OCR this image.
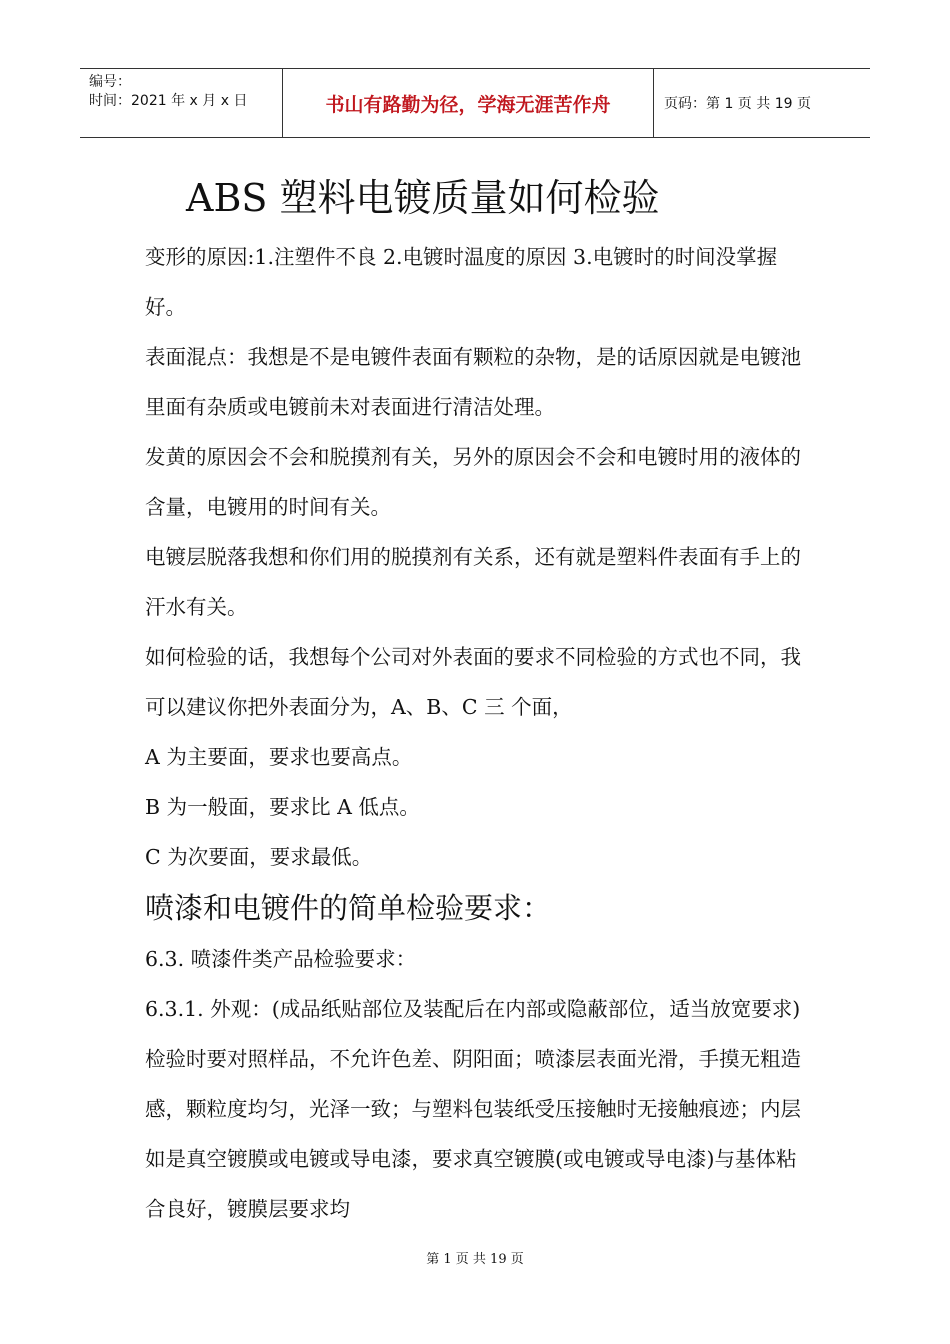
编号：
时间：2021 年 x 月 x 日	书山有路勤为径，学海无涯苦作舟	页码：第 1 页 共 19 页
ABS 塑料电镀质量如何检验

变形的原因:1.注塑件不良 2.电镀时温度的原因 3.电镀时的时间没掌握好。

表面混点：我想是不是电镀件表面有颗粒的杂物，是的话原因就是电镀池里面有杂质或电镀前未对表面进行清洁处理。

发黄的原因会不会和脱摸剂有关，另外的原因会不会和电镀时用的液体的含量，电镀用的时间有关。

电镀层脱落我想和你们用的脱摸剂有关系，还有就是塑料件表面有手上的汗水有关。

如何检验的话，我想每个公司对外表面的要求不同检验的方式也不同，我可以建议你把外表面分为，A、B、C 三 个面，

A 为主要面，要求也要高点。

B 为一般面，要求比 A 低点。

C 为次要面，要求最低。

喷漆和电镀件的简单检验要求：

6.3. 喷漆件类产品检验要求：

6.3.1. 外观：(成品纸贴部位及装配后在内部或隐蔽部位，适当放宽要求)检验时要对照样品，不允许色差、阴阳面；喷漆层表面光滑，手摸无粗造感，颗粒度均匀，光泽一致；与塑料包装纸受压接触时无接触痕迹；内层如是真空镀膜或电镀或导电漆，要求真空镀膜(或电镀或导电漆)与基体粘合良好，镀膜层要求均

第 1 页 共 19 页
